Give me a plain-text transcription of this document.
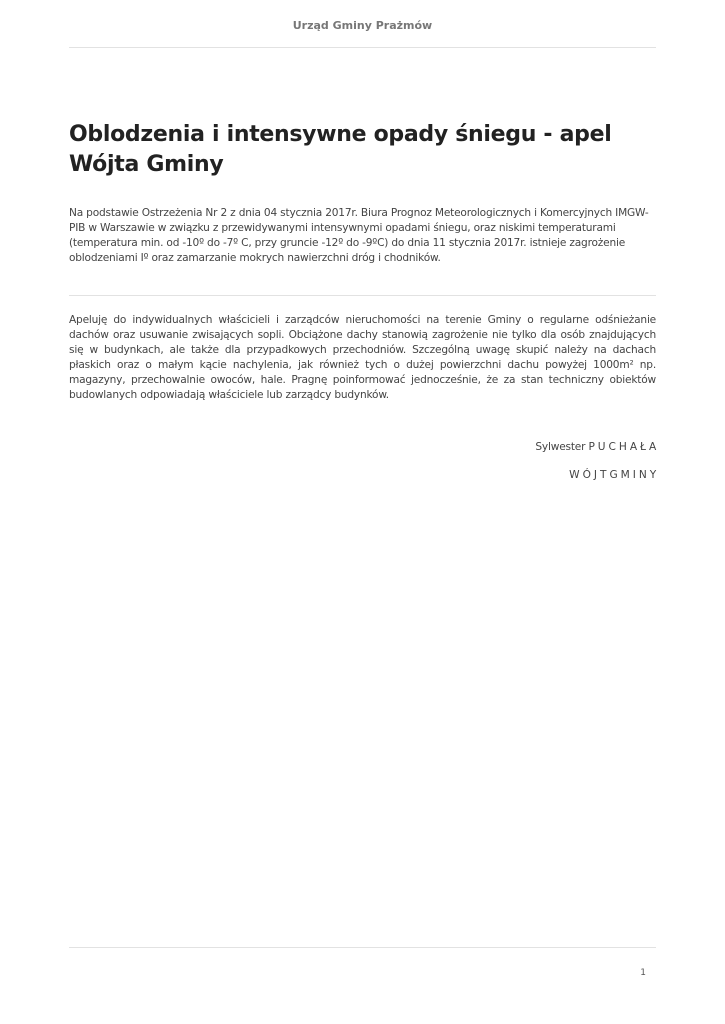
Urząd Gminy Prażmów
Oblodzenia i intensywne opady śniegu - apel Wójta Gminy

Na podstawie Ostrzeżenia Nr 2 z dnia 04 stycznia 2017r. Biura Prognoz Meteorologicznych i Komercyjnych IMGW-PIB w Warszawie w związku z przewidywanymi intensywnymi opadami śniegu, oraz niskimi temperaturami (temperatura min. od -10º do -7º C, przy gruncie -12º do -9ºC) do dnia 11 stycznia 2017r. istnieje zagrożenie oblodzeniami Iº oraz zamarzanie mokrych nawierzchni dróg i chodników.

Apeluję do indywidualnych właścicieli i zarządców nieruchomości na terenie Gminy o regularne odśnieżanie dachów oraz usuwanie zwisających sopli. Obciążone dachy stanowią zagrożenie nie tylko dla osób znajdujących się w budynkach, ale także dla przypadkowych przechodniów. Szczególną uwagę skupić należy na dachach płaskich oraz o małym kącie nachylenia, jak również tych o dużej powierzchni dachu powyżej 1000m² np. magazyny, przechowalnie owoców, hale. Pragnę poinformować jednocześnie, że za stan techniczny obiektów budowlanych odpowiadają właściciele lub zarządcy budynków.

Sylwester P U C H A Ł A
W Ó J T G M I N Y
1
